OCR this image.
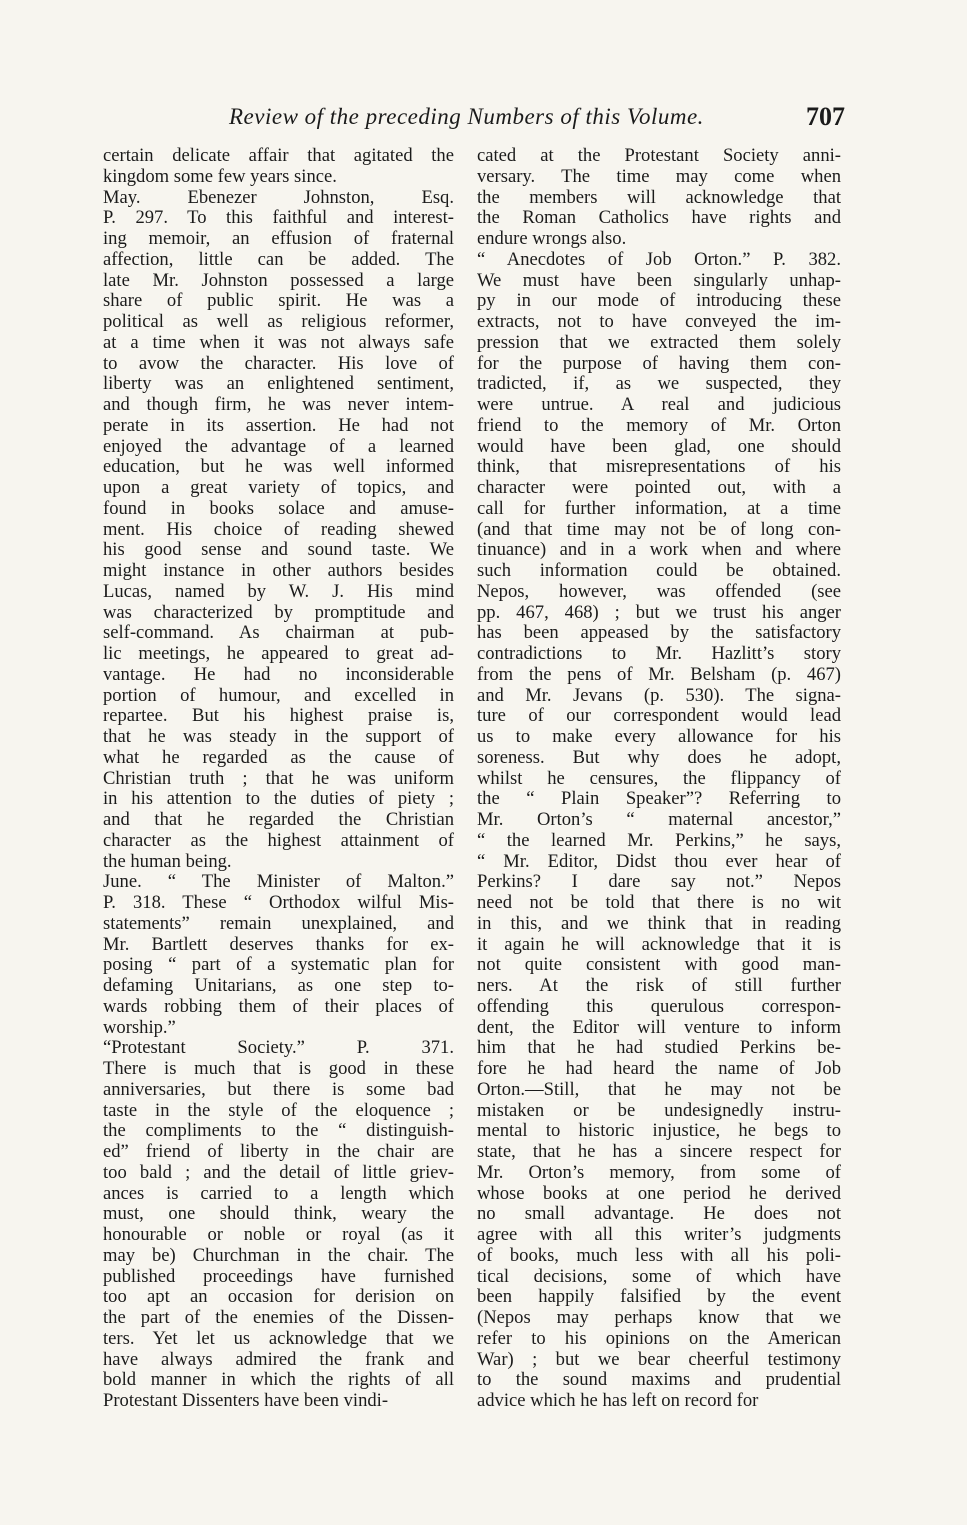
Review of the preceding Numbers of this Volume.	707
certain delicate affair that agitated the
kingdom some few years since.
May. Ebenezer Johnston, Esq.
P. 297. To this faithful and interest-
ing memoir, an effusion of fraternal
affection, little can be added. The
late Mr. Johnston possessed a large
share of public spirit. He was a
political as well as religious reformer,
at a time when it was not always safe
to avow the character. His love of
liberty was an enlightened sentiment,
and though firm, he was never intem-
perate in its assertion. He had not
enjoyed the advantage of a learned
education, but he was well informed
upon a great variety of topics, and
found in books solace and amuse-
ment. His choice of reading shewed
his good sense and sound taste. We
might instance in other authors besides
Lucas, named by W. J. His mind
was characterized by promptitude and
self-command. As chairman at pub-
lic meetings, he appeared to great ad-
vantage. He had no inconsiderable
portion of humour, and excelled in
repartee. But his highest praise is,
that he was steady in the support of
what he regarded as the cause of
Christian truth ; that he was uniform
in his attention to the duties of piety ;
and that he regarded the Christian
character as the highest attainment of
the human being.
June. “ The Minister of Malton.”
P. 318. These “ Orthodox wilful Mis-
statements” remain unexplained, and
Mr. Bartlett deserves thanks for ex-
posing “ part of a systematic plan for
defaming Unitarians, as one step to-
wards robbing them of their places of
worship.”
“Protestant Society.” P. 371.
There is much that is good in these
anniversaries, but there is some bad
taste in the style of the eloquence ;
the compliments to the “ distinguish-
ed” friend of liberty in the chair are
too bald ; and the detail of little griev-
ances is carried to a length which
must, one should think, weary the
honourable or noble or royal (as it
may be) Churchman in the chair. The
published proceedings have furnished
too apt an occasion for derision on
the part of the enemies of the Dissen-
ters. Yet let us acknowledge that we
have always admired the frank and
bold manner in which the rights of all
Protestant Dissenters have been vindi-
cated at the Protestant Society anni-
versary. The time may come when
the members will acknowledge that
the Roman Catholics have rights and
endure wrongs also.
“ Anecdotes of Job Orton.” P. 382.
We must have been singularly unhap-
py in our mode of introducing these
extracts, not to have conveyed the im-
pression that we extracted them solely
for the purpose of having them con-
tradicted, if, as we suspected, they
were untrue. A real and judicious
friend to the memory of Mr. Orton
would have been glad, one should
think, that misrepresentations of his
character were pointed out, with a
call for further information, at a time
(and that time may not be of long con-
tinuance) and in a work when and where
such information could be obtained.
Nepos, however, was offended (see
pp. 467, 468) ; but we trust his anger
has been appeased by the satisfactory
contradictions to Mr. Hazlitt’s story
from the pens of Mr. Belsham (p. 467)
and Mr. Jevans (p. 530). The signa-
ture of our correspondent would lead
us to make every allowance for his
soreness. But why does he adopt,
whilst he censures, the flippancy of
the “ Plain Speaker”? Referring to
Mr. Orton’s “ maternal ancestor,”
“ the learned Mr. Perkins,” he says,
“ Mr. Editor, Didst thou ever hear of
Perkins? I dare say not.” Nepos
need not be told that there is no wit
in this, and we think that in reading
it again he will acknowledge that it is
not quite consistent with good man-
ners. At the risk of still further
offending this querulous correspon-
dent, the Editor will venture to inform
him that he had studied Perkins be-
fore he had heard the name of Job
Orton.—Still, that he may not be
mistaken or be undesignedly instru-
mental to historic injustice, he begs to
state, that he has a sincere respect for
Mr. Orton’s memory, from some of
whose books at one period he derived
no small advantage. He does not
agree with all this writer’s judgments
of books, much less with all his poli-
tical decisions, some of which have
been happily falsified by the event
(Nepos may perhaps know that we
refer to his opinions on the American
War) ; but we bear cheerful testimony
to the sound maxims and prudential
advice which he has left on record for
